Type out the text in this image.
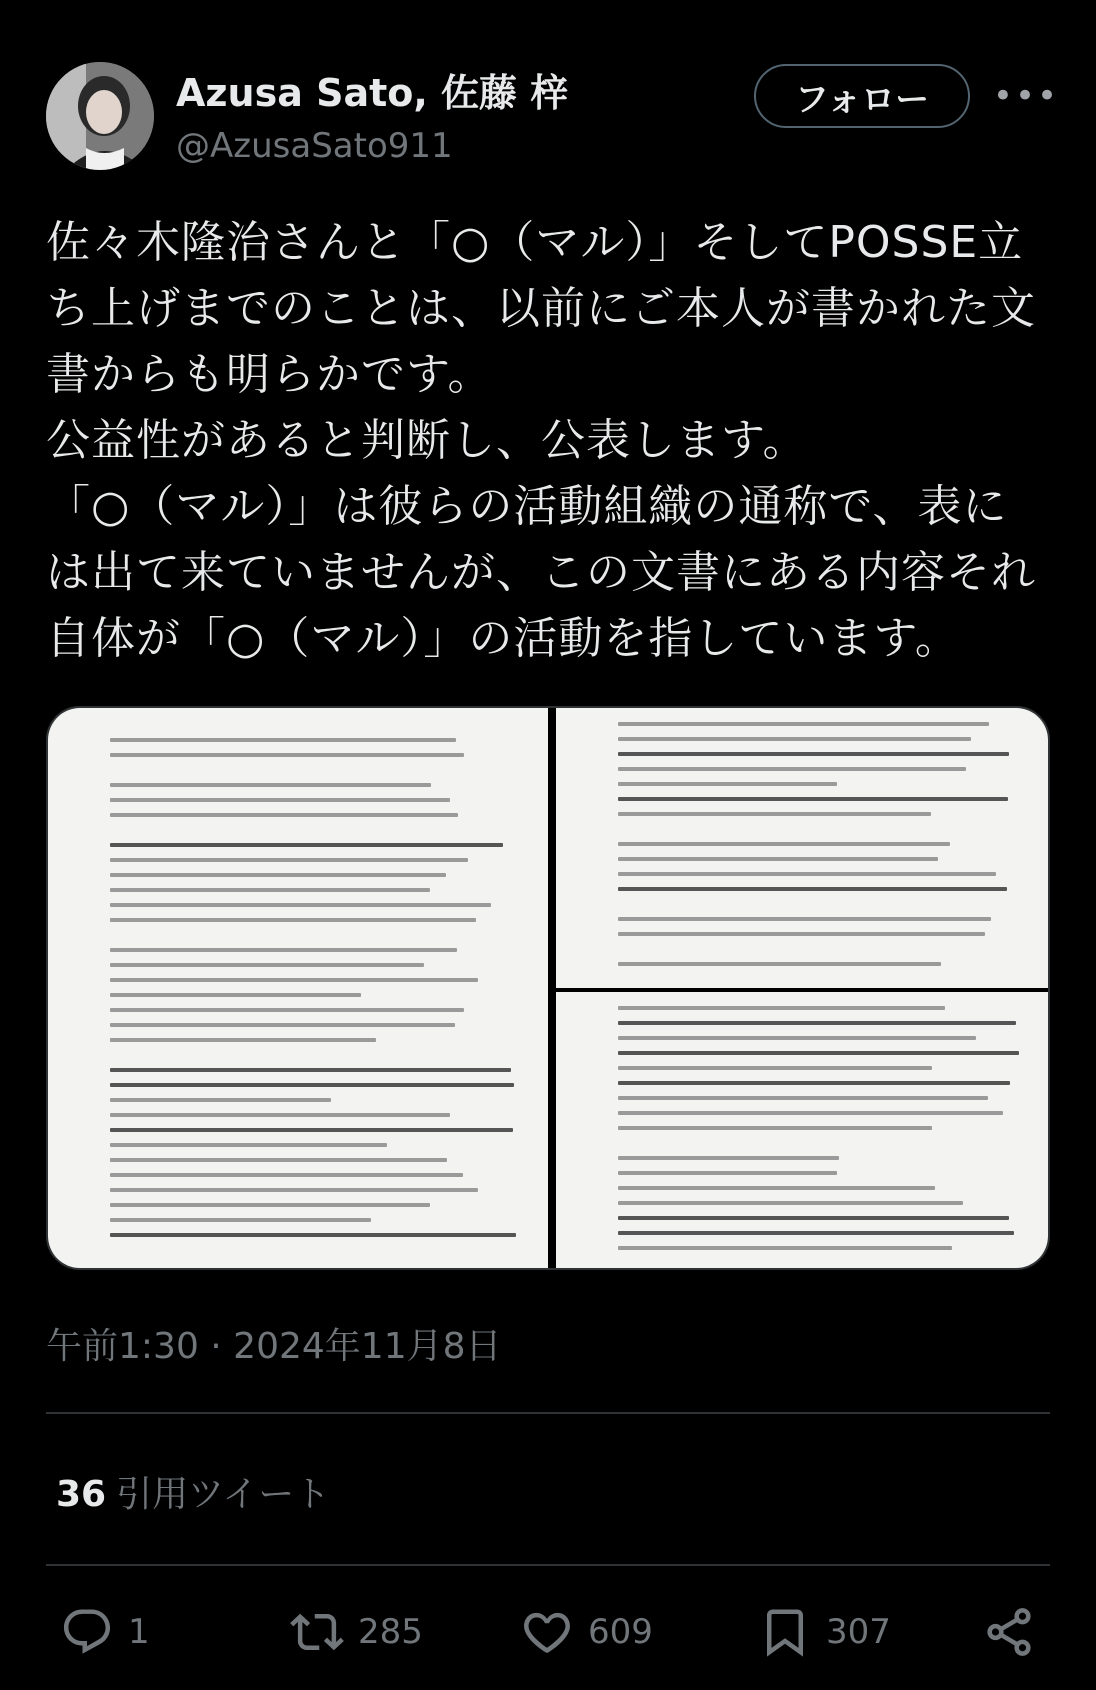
Azusa Sato, 佐藤 梓
@AzusaSato911
フォロー	•••

佐々木隆治さんと「○（マル）」そしてPOSSE立

ち上げまでのことは、以前にご本人が書かれた文

書からも明らかです。

公益性があると判断し、公表します。

「○（マル）」は彼らの活動組織の通称で、表に

は出て来ていませんが、この文書にある内容それ

自体が「○（マル）」の活動を指しています。

午前1:30 · 2024年11月8日
36 引用ツイート
1	285	609	307
